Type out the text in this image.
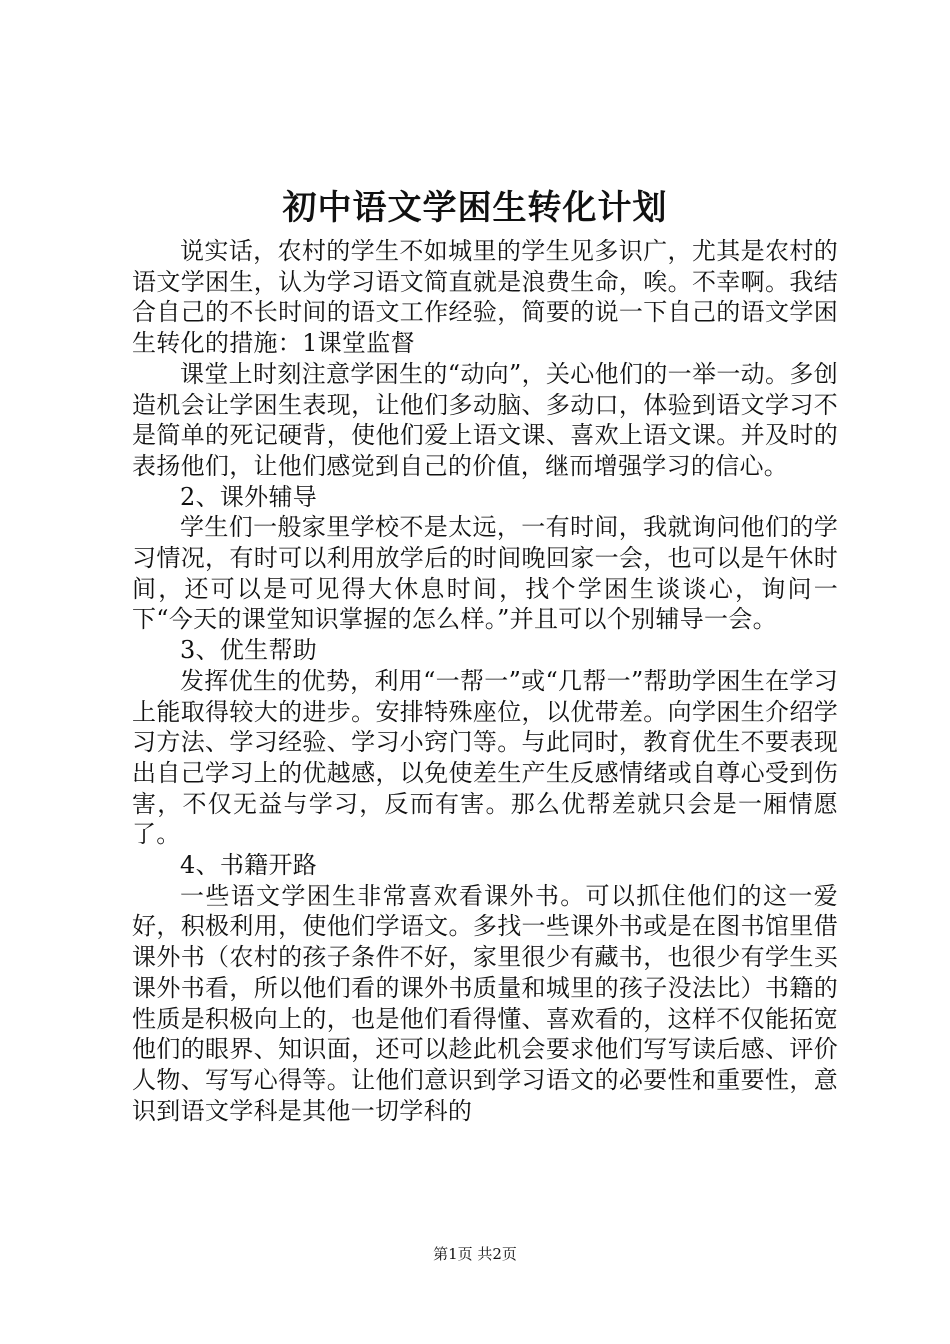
初中语文学困生转化计划

说实话，农村的学生不如城里的学生见多识广，尤其是农村的语文学困生，认为学习语文简直就是浪费生命，唉。不幸啊。我结合自己的不长时间的语文工作经验，简要的说一下自己的语文学困生转化的措施：1课堂监督

课堂上时刻注意学困生的“动向”，关心他们的一举一动。多创造机会让学困生表现，让他们多动脑、多动口，体验到语文学习不是简单的死记硬背，使他们爱上语文课、喜欢上语文课。并及时的表扬他们，让他们感觉到自己的价值，继而增强学习的信心。

2、课外辅导

学生们一般家里学校不是太远，一有时间，我就询问他们的学习情况，有时可以利用放学后的时间晚回家一会，也可以是午休时间，还可以是可见得大休息时间，找个学困生谈谈心，询问一下“今天的课堂知识掌握的怎么样。”并且可以个别辅导一会。

3、优生帮助

发挥优生的优势，利用“一帮一”或“几帮一”帮助学困生在学习上能取得较大的进步。安排特殊座位，以优带差。向学困生介绍学习方法、学习经验、学习小窍门等。与此同时，教育优生不要表现出自己学习上的优越感，以免使差生产生反感情绪或自尊心受到伤害，不仅无益与学习，反而有害。那么优帮差就只会是一厢情愿了。

4、书籍开路

一些语文学困生非常喜欢看课外书。可以抓住他们的这一爱好，积极利用，使他们学语文。多找一些课外书或是在图书馆里借课外书（农村的孩子条件不好，家里很少有藏书，也很少有学生买课外书看，所以他们看的课外书质量和城里的孩子没法比）书籍的性质是积极向上的，也是他们看得懂、喜欢看的，这样不仅能拓宽他们的眼界、知识面，还可以趁此机会要求他们写写读后感、评价人物、写写心得等。让他们意识到学习语文的必要性和重要性，意识到语文学科是其他一切学科的

第1页 共2页
